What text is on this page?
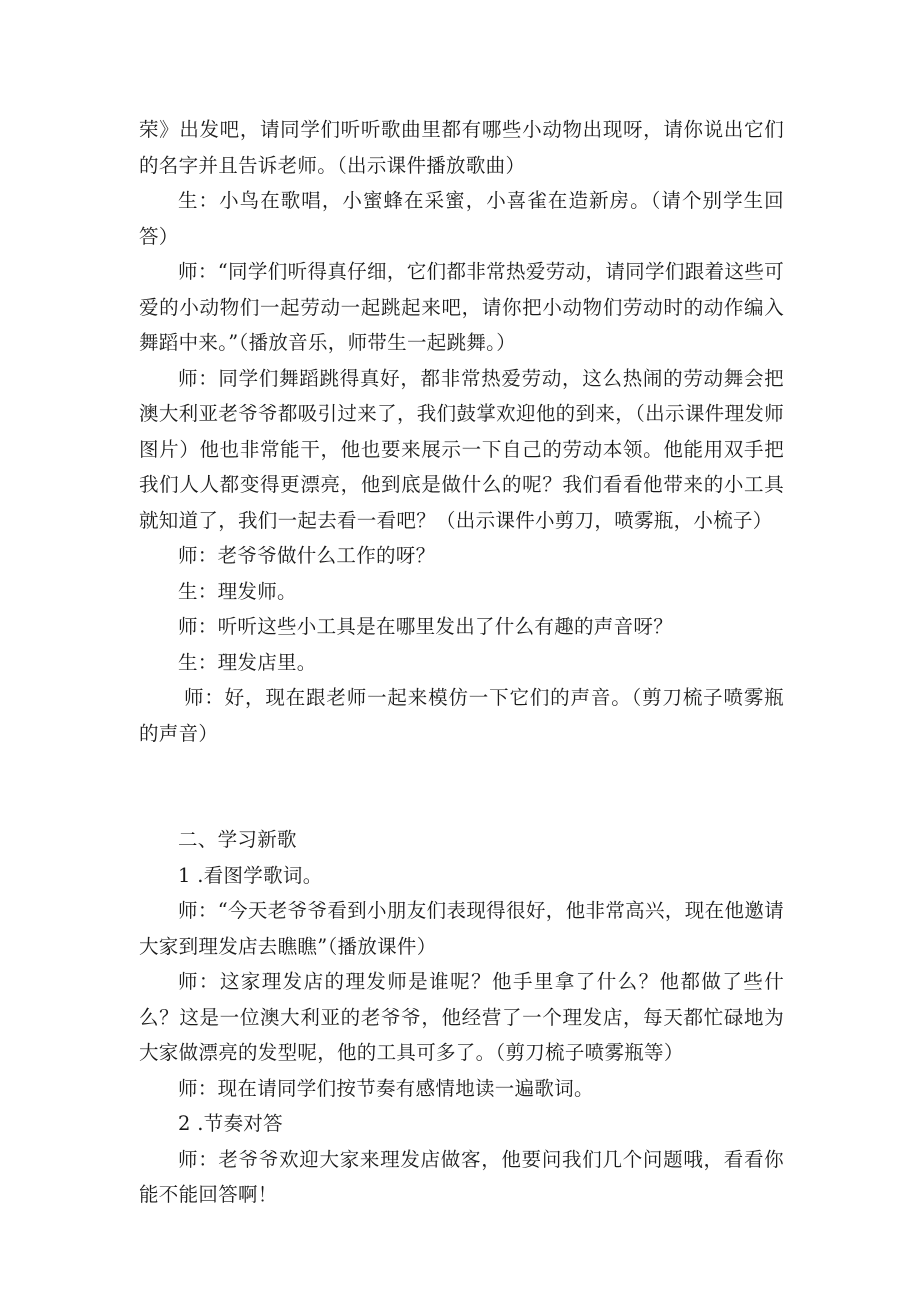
荣》出发吧，请同学们听听歌曲里都有哪些小动物出现呀，请你说出它们的名字并且告诉老师。（出示课件播放歌曲）

生：小鸟在歌唱，小蜜蜂在采蜜，小喜雀在造新房。（请个别学生回答）

师：“同学们听得真仔细，它们都非常热爱劳动，请同学们跟着这些可爱的小动物们一起劳动一起跳起来吧，请你把小动物们劳动时的动作编入舞蹈中来。”（播放音乐，师带生一起跳舞。）

师：同学们舞蹈跳得真好，都非常热爱劳动，这么热闹的劳动舞会把澳大利亚老爷爷都吸引过来了，我们鼓掌欢迎他的到来，（出示课件理发师图片）他也非常能干，他也要来展示一下自己的劳动本领。他能用双手把我们人人都变得更漂亮，他到底是做什么的呢？我们看看他带来的小工具就知道了，我们一起去看一看吧？（出示课件小剪刀，喷雾瓶，小梳子）

师：老爷爷做什么工作的呀？

生：理发师。

师：听听这些小工具是在哪里发出了什么有趣的声音呀？

生：理发店里。

师：好，现在跟老师一起来模仿一下它们的声音。（剪刀梳子喷雾瓶的声音）

二、学习新歌

1 .看图学歌词。

师：“今天老爷爷看到小朋友们表现得很好，他非常高兴，现在他邀请大家到理发店去瞧瞧”（播放课件）

师：这家理发店的理发师是谁呢？他手里拿了什么？他都做了些什么？这是一位澳大利亚的老爷爷，他经营了一个理发店，每天都忙碌地为大家做漂亮的发型呢，他的工具可多了。（剪刀梳子喷雾瓶等）

师：现在请同学们按节奏有感情地读一遍歌词。

2 .节奏对答

师：老爷爷欢迎大家来理发店做客，他要问我们几个问题哦，看看你能不能回答啊！
